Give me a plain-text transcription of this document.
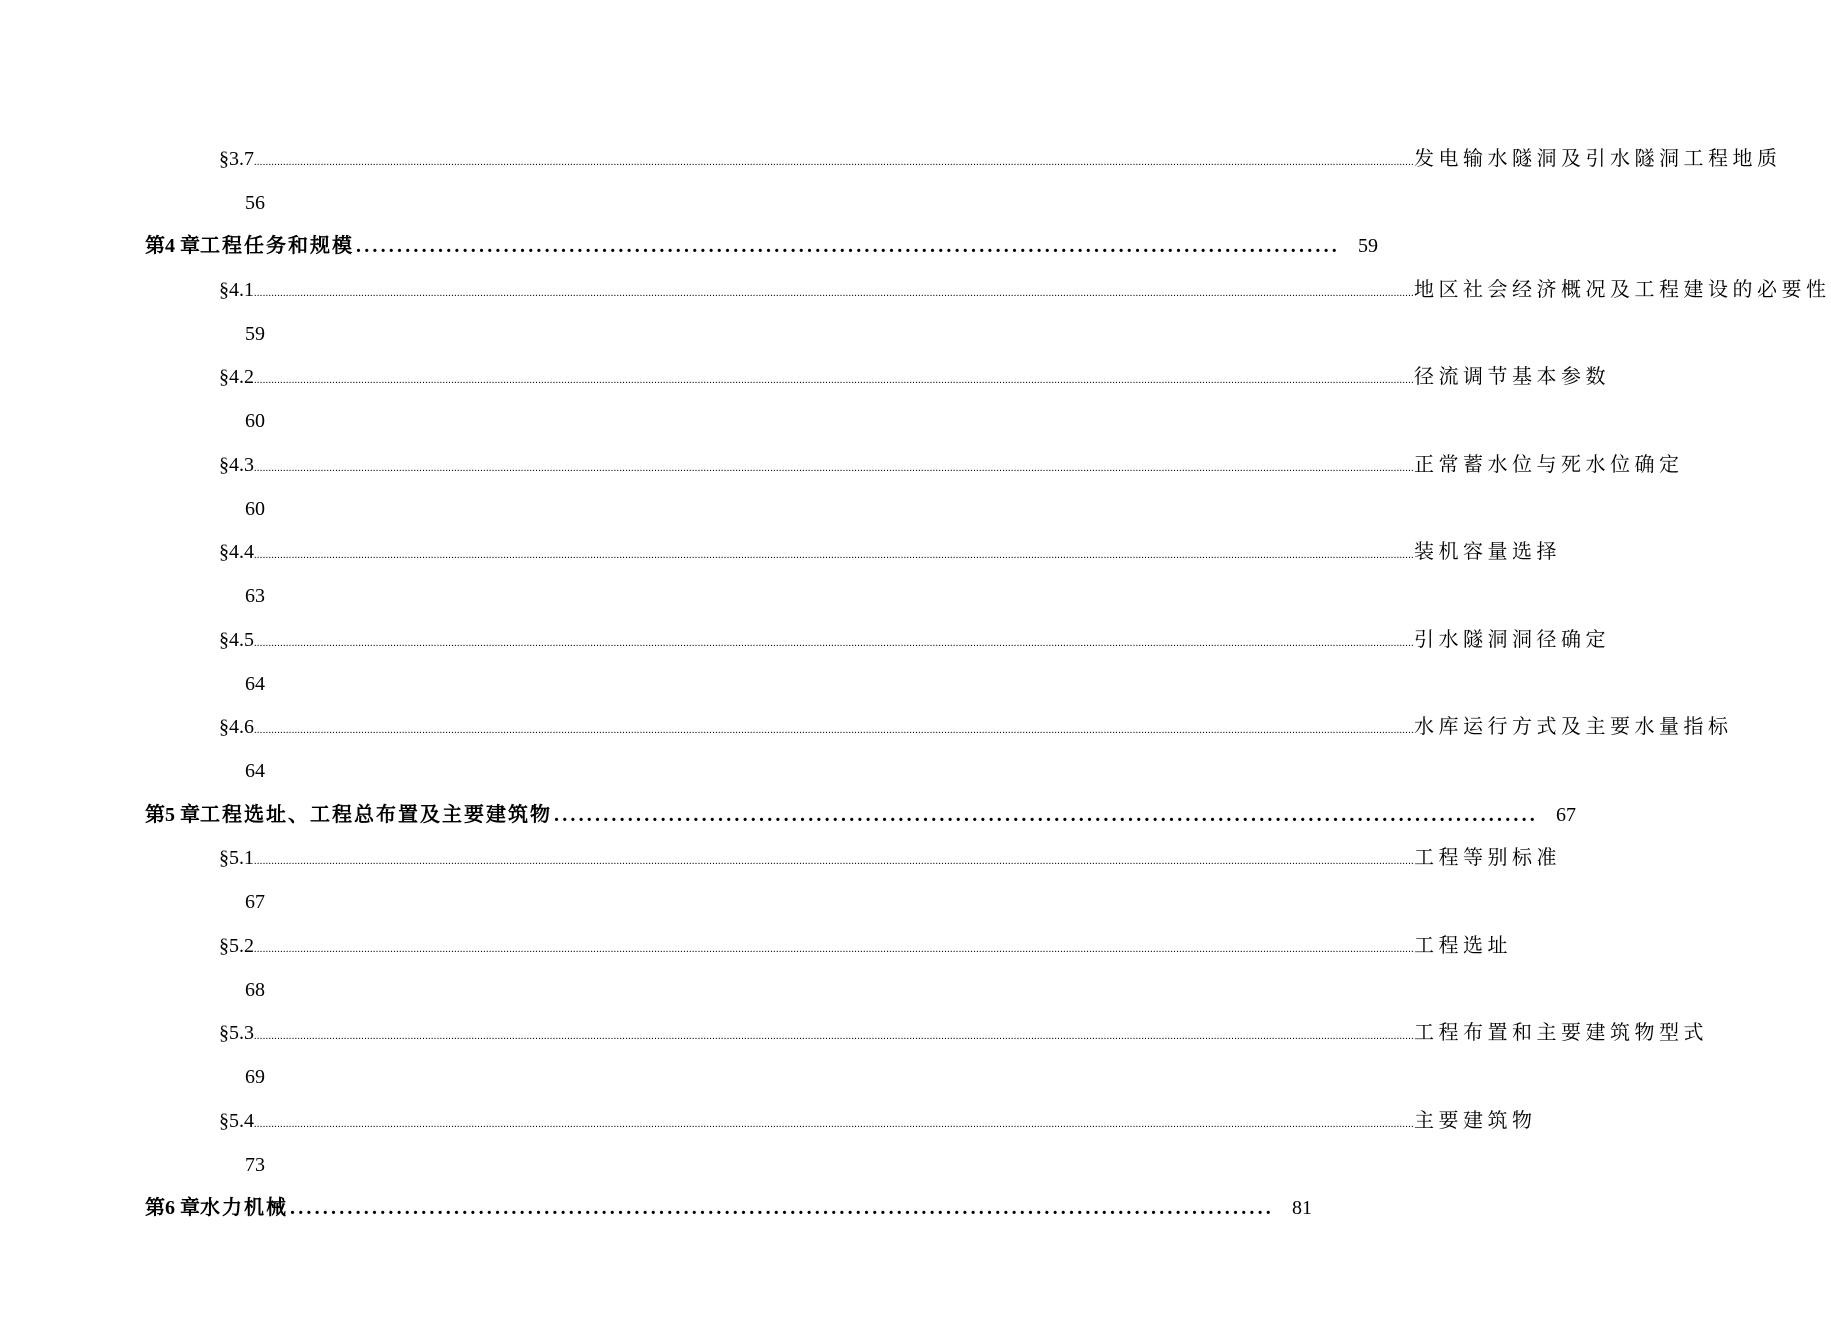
§3.7 ................................................................................................................................................................................................................................................................................................................................................................................................................ 发电输水隧洞及引水隧洞工程地质
56
第4 章 工程任务和规模 ........................................................................................................................ 59
§4.1 ................................................................................................................................................................................................................................................................................................................................................................................................................ 地区社会经济概况及工程建设的必要性
59
§4.2 ................................................................................................................................................................................................................................................................................................................................................................................................................ 径流调节基本参数
60
§4.3 ................................................................................................................................................................................................................................................................................................................................................................................................................ 正常蓄水位与死水位确定
60
§4.4 ................................................................................................................................................................................................................................................................................................................................................................................................................ 装机容量选择
63
§4.5 ................................................................................................................................................................................................................................................................................................................................................................................................................ 引水隧洞洞径确定
64
§4.6 ................................................................................................................................................................................................................................................................................................................................................................................................................ 水库运行方式及主要水量指标
64
第5 章 工程选址、工程总布置及主要建筑物 ........................................................................................................................ 67
§5.1 ................................................................................................................................................................................................................................................................................................................................................................................................................ 工程等别标准
67
§5.2 ................................................................................................................................................................................................................................................................................................................................................................................................................ 工程选址
68
§5.3 ................................................................................................................................................................................................................................................................................................................................................................................................................ 工程布置和主要建筑物型式
69
§5.4 ................................................................................................................................................................................................................................................................................................................................................................................................................ 主要建筑物
73
第6 章 水力机械 ........................................................................................................................ 81
